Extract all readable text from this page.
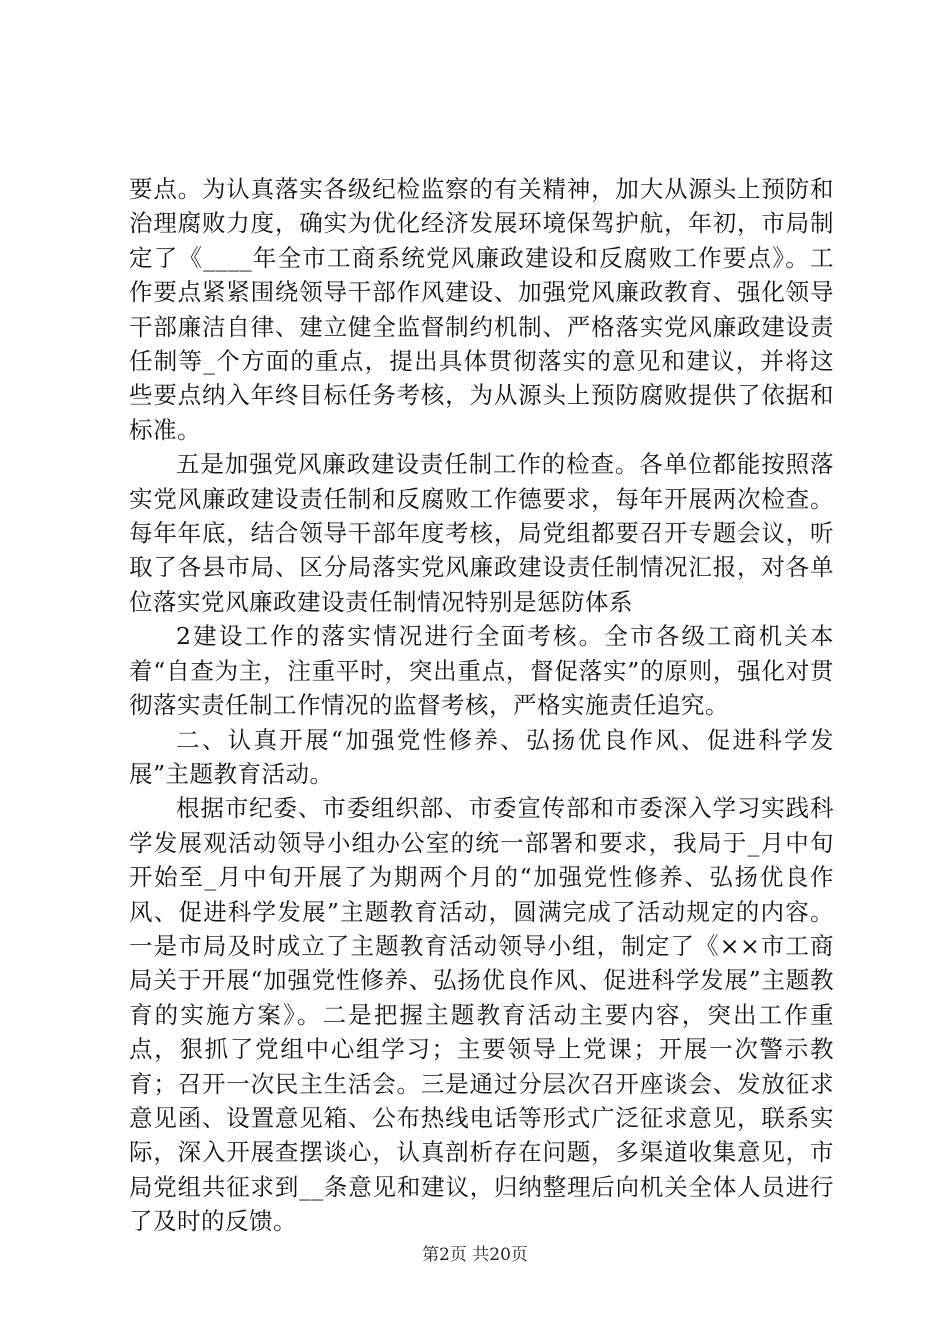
要点。为认真落实各级纪检监察的有关精神，加大从源头上预防和治理腐败力度，确实为优化经济发展环境保驾护航，年初，市局制定了《____年全市工商系统党风廉政建设和反腐败工作要点》。工作要点紧紧围绕领导干部作风建设、加强党风廉政教育、强化领导干部廉洁自律、建立健全监督制约机制、严格落实党风廉政建设责任制等_个方面的重点，提出具体贯彻落实的意见和建议，并将这些要点纳入年终目标任务考核，为从源头上预防腐败提供了依据和标准。

五是加强党风廉政建设责任制工作的检查。各单位都能按照落实党风廉政建设责任制和反腐败工作德要求，每年开展两次检查。每年年底，结合领导干部年度考核，局党组都要召开专题会议，听取了各县市局、区分局落实党风廉政建设责任制情况汇报，对各单位落实党风廉政建设责任制情况特别是惩防体系

2建设工作的落实情况进行全面考核。全市各级工商机关本着“自查为主，注重平时，突出重点，督促落实”的原则，强化对贯彻落实责任制工作情况的监督考核，严格实施责任追究。

二、认真开展“加强党性修养、弘扬优良作风、促进科学发展”主题教育活动。

根据市纪委、市委组织部、市委宣传部和市委深入学习实践科学发展观活动领导小组办公室的统一部署和要求，我局于_月中旬开始至_月中旬开展了为期两个月的“加强党性修养、弘扬优良作风、促进科学发展”主题教育活动，圆满完成了活动规定的内容。一是市局及时成立了主题教育活动领导小组，制定了《××市工商局关于开展“加强党性修养、弘扬优良作风、促进科学发展”主题教育的实施方案》。二是把握主题教育活动主要内容，突出工作重点，狠抓了党组中心组学习；主要领导上党课；开展一次警示教育；召开一次民主生活会。三是通过分层次召开座谈会、发放征求意见函、设置意见箱、公布热线电话等形式广泛征求意见，联系实际，深入开展查摆谈心，认真剖析存在问题，多渠道收集意见，市局党组共征求到__条意见和建议，归纳整理后向机关全体人员进行了及时的反馈。

第2页 共20页
